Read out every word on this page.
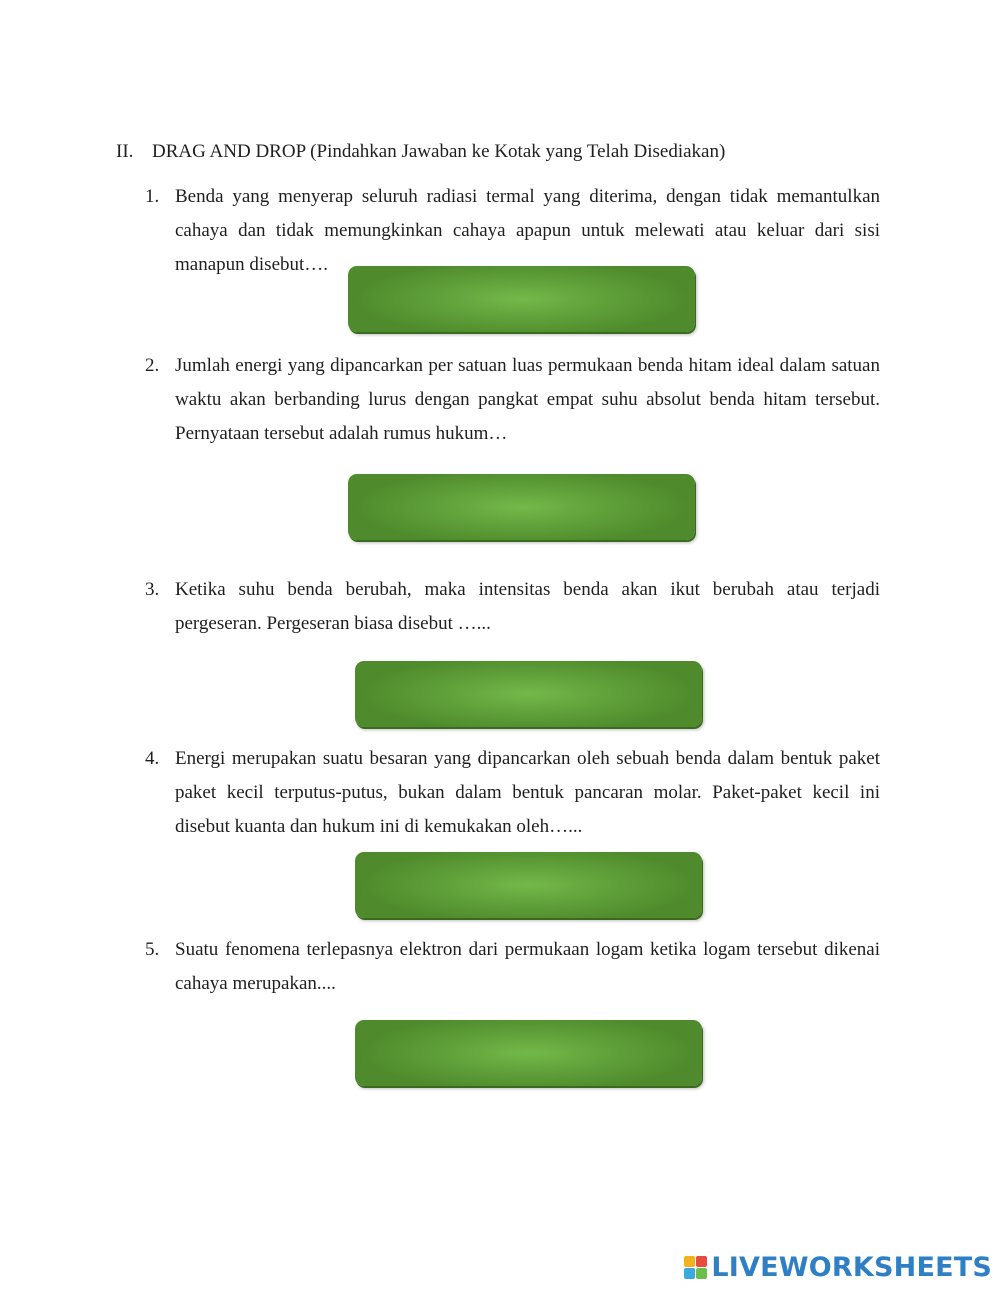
II. DRAG AND DROP (Pindahkan Jawaban ke Kotak yang Telah Disediakan)
1. Benda yang menyerap seluruh radiasi termal yang diterima, dengan tidak memantulkan cahaya dan tidak memungkinkan cahaya apapun untuk melewati atau keluar dari sisi manapun disebut….
2. Jumlah energi yang dipancarkan per satuan luas permukaan benda hitam ideal dalam satuan waktu akan berbanding lurus dengan pangkat empat suhu absolut benda hitam tersebut. Pernyataan tersebut adalah rumus hukum…
3. Ketika suhu benda berubah, maka intensitas benda akan ikut berubah atau terjadi pergeseran. Pergeseran biasa disebut …...
4. Energi merupakan suatu besaran yang dipancarkan oleh sebuah benda dalam bentuk paket paket kecil terputus-putus, bukan dalam bentuk pancaran molar. Paket-paket kecil ini disebut kuanta dan hukum ini di kemukakan oleh…...
5. Suatu fenomena terlepasnya elektron dari permukaan logam ketika logam tersebut dikenai cahaya merupakan....
LIVEWORKSHEETS
